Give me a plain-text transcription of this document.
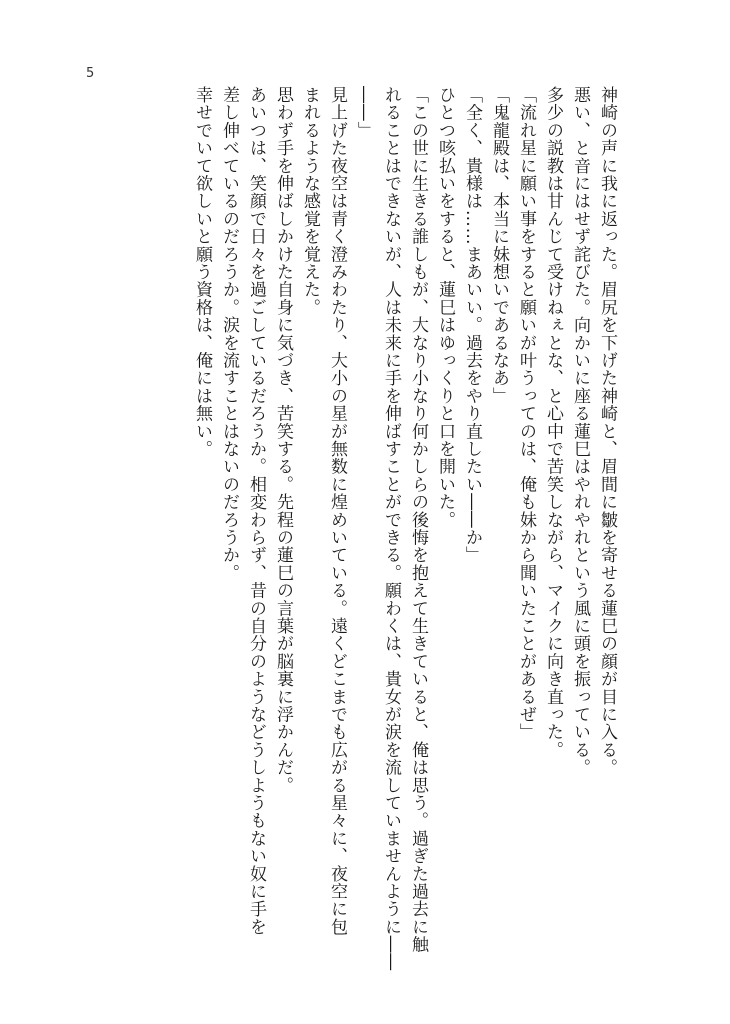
5
神崎の声に我に返った。眉尻を下げた神崎と、眉間に皺を寄せる蓮巳の顔が目に入る。
悪い、と音にはせず詫びた。向かいに座る蓮巳はやれやれという風に頭を振っている。
多少の説教は甘んじて受けねぇとな、と心中で苦笑しながら、マイクに向き直った。
「流れ星に願い事をすると願いが叶うってのは、俺も妹から聞いたことがあるぜ」
「鬼龍殿は、本当に妹想いであるなあ」
「全く、貴様は……まあいい。過去をやり直したい――か」
ひとつ咳払いをすると、蓮巳はゆっくりと口を開いた。
「この世に生きる誰しもが、大なり小なり何かしらの後悔を抱えて生きていると、俺は思う。過ぎた過去に触
れることはできないが、人は未来に手を伸ばすことができる。願わくは、貴女が涙を流していませんように――
――」
見上げた夜空は青く澄みわたり、大小の星が無数に煌めいている。遠くどこまでも広がる星々に、夜空に包
まれるような感覚を覚えた。
思わず手を伸ばしかけた自身に気づき、苦笑する。先程の蓮巳の言葉が脳裏に浮かんだ。
あいつは、笑顔で日々を過ごしているだろうか。相変わらず、昔の自分のようなどうしようもない奴に手を
差し伸べているのだろうか。涙を流すことはないのだろうか。
幸せでいて欲しいと願う資格は、俺には無い。
